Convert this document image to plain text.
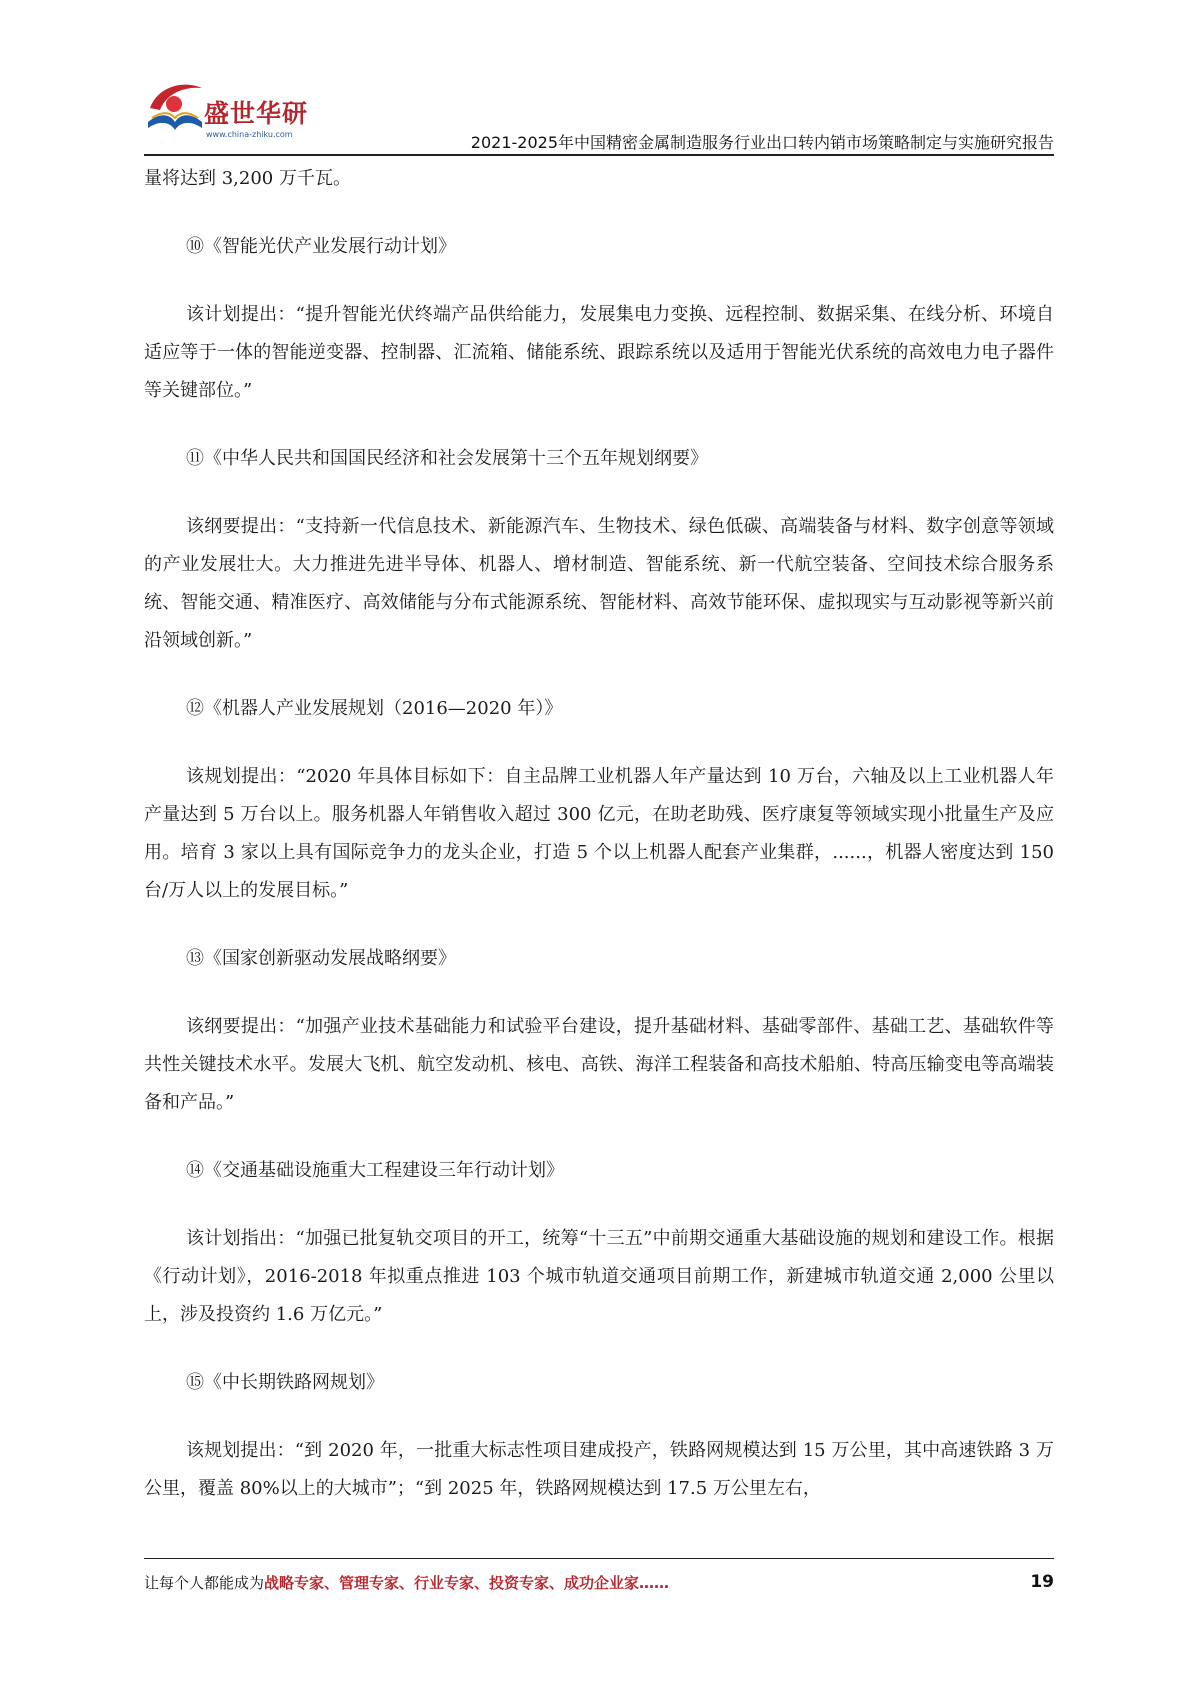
盛世华研
www.china-zhiku.com	2021-2025年中国精密金属制造服务行业出口转内销市场策略制定与实施研究报告

量将达到 3,200 万千瓦。

⑩《智能光伏产业发展行动计划》

该计划提出：“提升智能光伏终端产品供给能力，发展集电力变换、远程控制、数据采集、在线分析、环境自适应等于一体的智能逆变器、控制器、汇流箱、储能系统、跟踪系统以及适用于智能光伏系统的高效电力电子器件等关键部位。”

⑪《中华人民共和国国民经济和社会发展第十三个五年规划纲要》

该纲要提出：“支持新一代信息技术、新能源汽车、生物技术、绿色低碳、高端装备与材料、数字创意等领域的产业发展壮大。大力推进先进半导体、机器人、增材制造、智能系统、新一代航空装备、空间技术综合服务系统、智能交通、精准医疗、高效储能与分布式能源系统、智能材料、高效节能环保、虚拟现实与互动影视等新兴前沿领域创新。”

⑫《机器人产业发展规划（2016—2020 年）》

该规划提出：“2020 年具体目标如下：自主品牌工业机器人年产量达到 10 万台，六轴及以上工业机器人年产量达到 5 万台以上。服务机器人年销售收入超过 300 亿元，在助老助残、医疗康复等领域实现小批量生产及应用。培育 3 家以上具有国际竞争力的龙头企业，打造 5 个以上机器人配套产业集群，......，机器人密度达到 150 台/万人以上的发展目标。”

⑬《国家创新驱动发展战略纲要》

该纲要提出：“加强产业技术基础能力和试验平台建设，提升基础材料、基础零部件、基础工艺、基础软件等共性关键技术水平。发展大飞机、航空发动机、核电、高铁、海洋工程装备和高技术船舶、特高压输变电等高端装备和产品。”

⑭《交通基础设施重大工程建设三年行动计划》

该计划指出：“加强已批复轨交项目的开工，统筹“十三五”中前期交通重大基础设施的规划和建设工作。根据《行动计划》，2016-2018 年拟重点推进 103 个城市轨道交通项目前期工作，新建城市轨道交通 2,000 公里以上，涉及投资约 1.6 万亿元。”

⑮《中长期铁路网规划》

该规划提出：“到 2020 年，一批重大标志性项目建成投产，铁路网规模达到 15 万公里，其中高速铁路 3 万公里，覆盖 80%以上的大城市”；“到 2025 年，铁路网规模达到 17.5 万公里左右，

让每个人都能成为战略专家、管理专家、行业专家、投资专家、成功企业家……	19
